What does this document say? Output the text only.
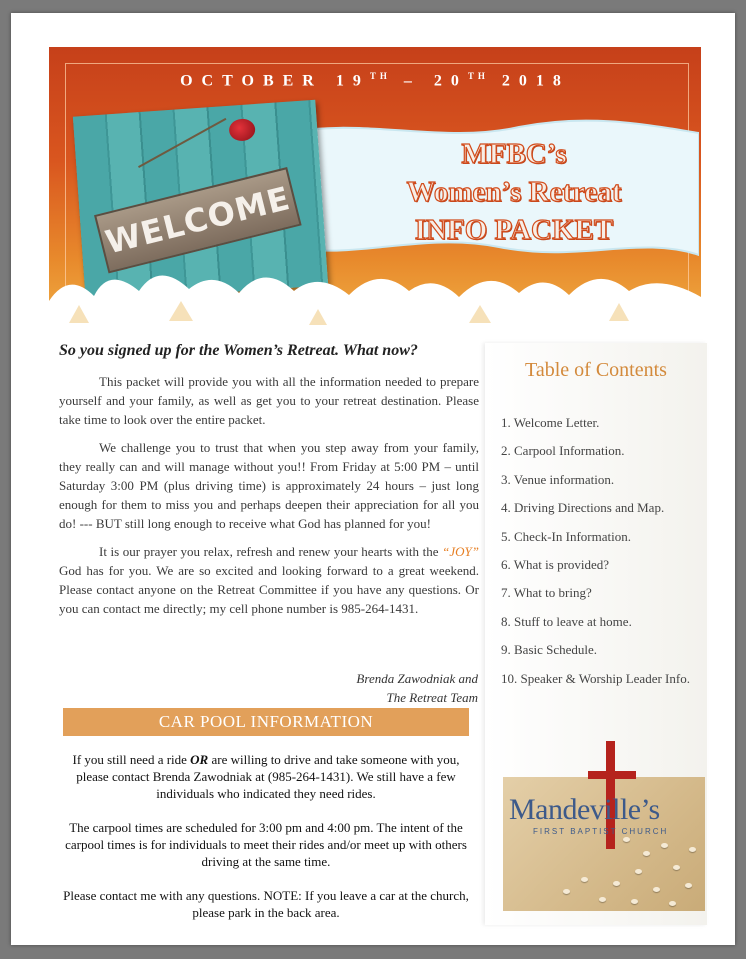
OCTOBER 19TH – 20TH 2018
MFBC’s
Women’s Retreat
INFO PACKET
WELCOME
So you signed up for the Women’s Retreat. What now?

This packet will provide you with all the information needed to prepare yourself and your family, as well as get you to your retreat destination. Please take time to look over the entire packet.

We challenge you to trust that when you step away from your family, they really can and will manage without you!! From Friday at 5:00 PM – until Saturday 3:00 PM (plus driving time) is approximately 24 hours – just long enough for them to miss you and perhaps deepen their appreciation for all you do! --- BUT still long enough to receive what God has planned for you!

It is our prayer you relax, refresh and renew your hearts with the “JOY” God has for you. We are so excited and looking forward to a great weekend. Please contact anyone on the Retreat Committee if you have any questions. Or you can contact me directly; my cell phone number is 985-264-1431.

Brenda Zawodniak and
The Retreat Team
CAR POOL INFORMATION

If you still need a ride OR are willing to drive and take someone with you, please contact Brenda Zawodniak at (985-264-1431). We still have a few individuals who indicated they need rides.

The carpool times are scheduled for 3:00 pm and 4:00 pm. The intent of the carpool times is for individuals to meet their rides and/or meet up with others driving at the same time.

Please contact me with any questions. NOTE: If you leave a car at the church, please park in the back area.

Table of Contents
1. Welcome Letter.
2. Carpool Information.
3. Venue information.
4. Driving Directions and Map.
5. Check-In Information.
6. What is provided?
7. What to bring?
8. Stuff to leave at home.
9. Basic Schedule.
10. Speaker & Worship Leader Info.
Mandeville’s
FIRST BAPTIST CHURCH
